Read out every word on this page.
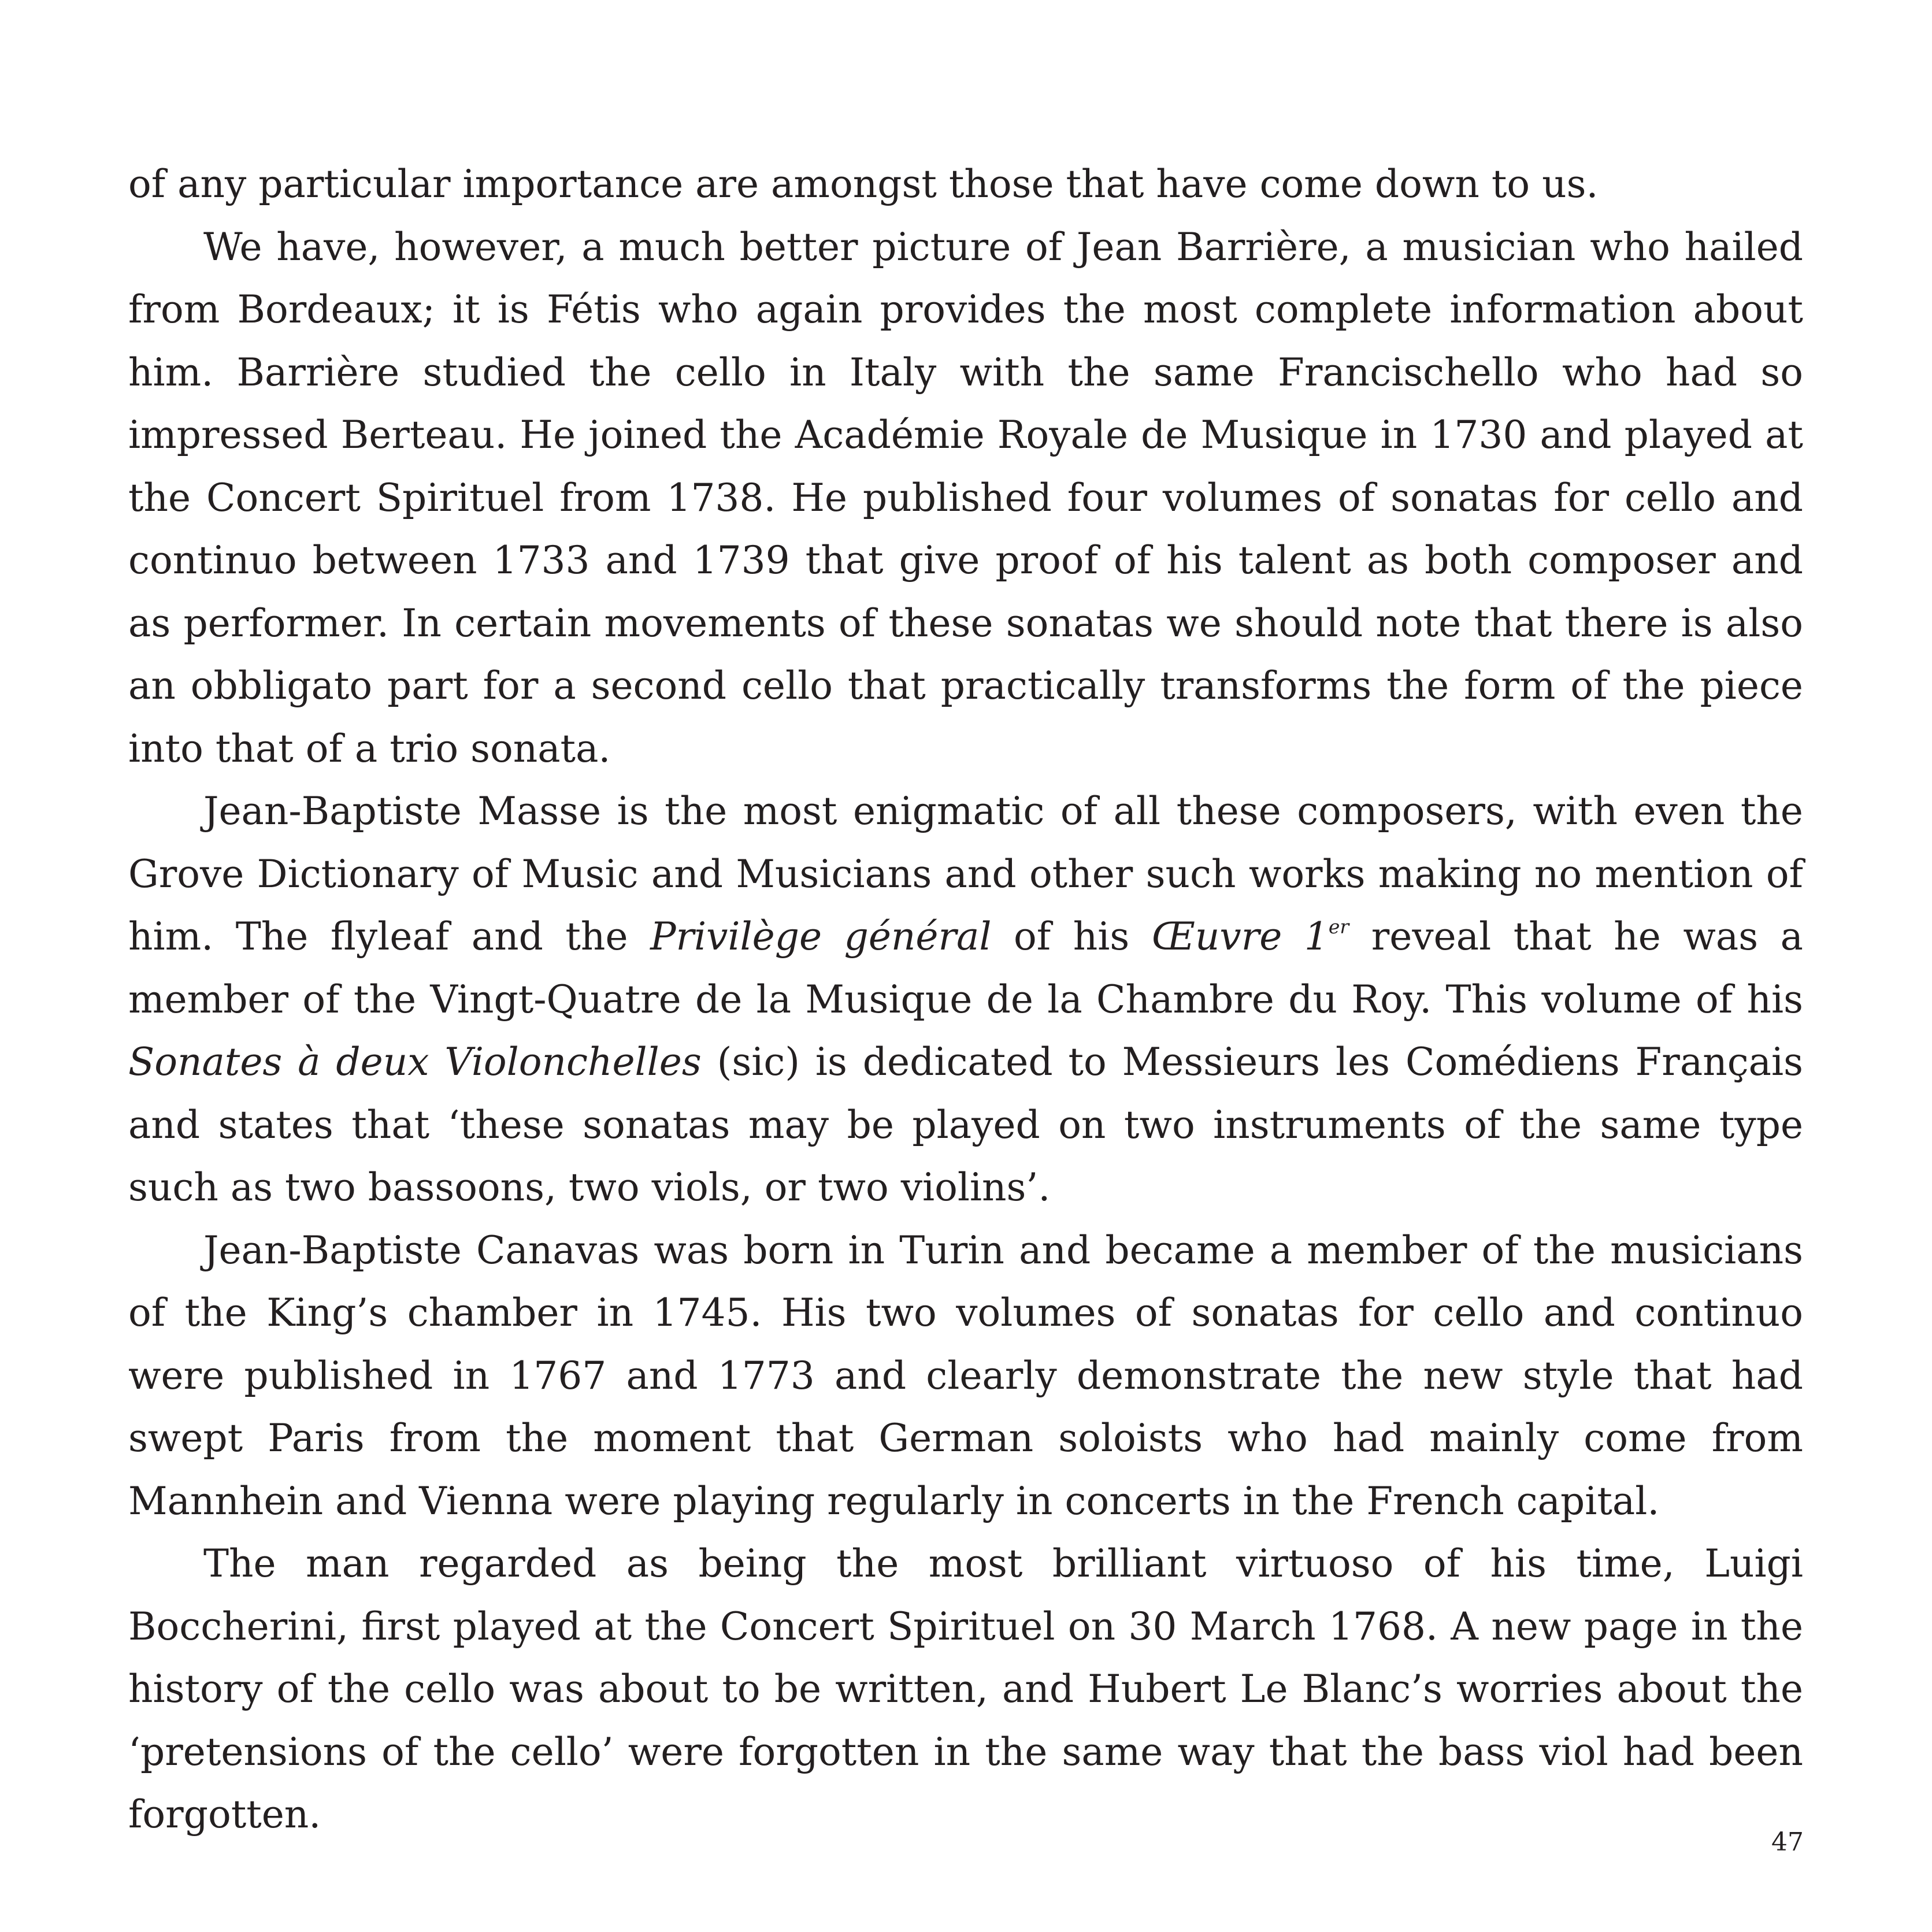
of any particular importance are amongst those that have come down to us.

We have, however, a much better picture of Jean Barrière, a musician who hailed from Bordeaux; it is Fétis who again provides the most complete information about him. Barrière studied the cello in Italy with the same Francischello who had so impressed Berteau. He joined the Académie Royale de Musique in 1730 and played at the Concert Spirituel from 1738. He published four volumes of sonatas for cello and continuo between 1733 and 1739 that give proof of his talent as both composer and as performer. In certain movements of these sonatas we should note that there is also an obbligato part for a second cello that practically transforms the form of the piece into that of a trio sonata.

Jean-Baptiste Masse is the most enigmatic of all these composers, with even the Grove Dictionary of Music and Musicians and other such works making no mention of him. The flyleaf and the Privilège général of his Œuvre 1er reveal that he was a member of the Vingt-Quatre de la Musique de la Chambre du Roy. This volume of his Sonates à deux Violonchelles (sic) is dedicated to Messieurs les Comédiens Français and states that ‘these sonatas may be played on two instruments of the same type such as two bassoons, two viols, or two violins’.

Jean-Baptiste Canavas was born in Turin and became a member of the musicians of the King’s chamber in 1745. His two volumes of sonatas for cello and continuo were published in 1767 and 1773 and clearly demonstrate the new style that had swept Paris from the moment that German soloists who had mainly come from Mannhein and Vienna were playing regularly in concerts in the French capital.

The man regarded as being the most brilliant virtuoso of his time, Luigi Boccherini, first played at the Concert Spirituel on 30 March 1768. A new page in the history of the cello was about to be written, and Hubert Le Blanc’s worries about the ‘pretensions of the cello’ were forgotten in the same way that the bass viol had been forgotten.

47
